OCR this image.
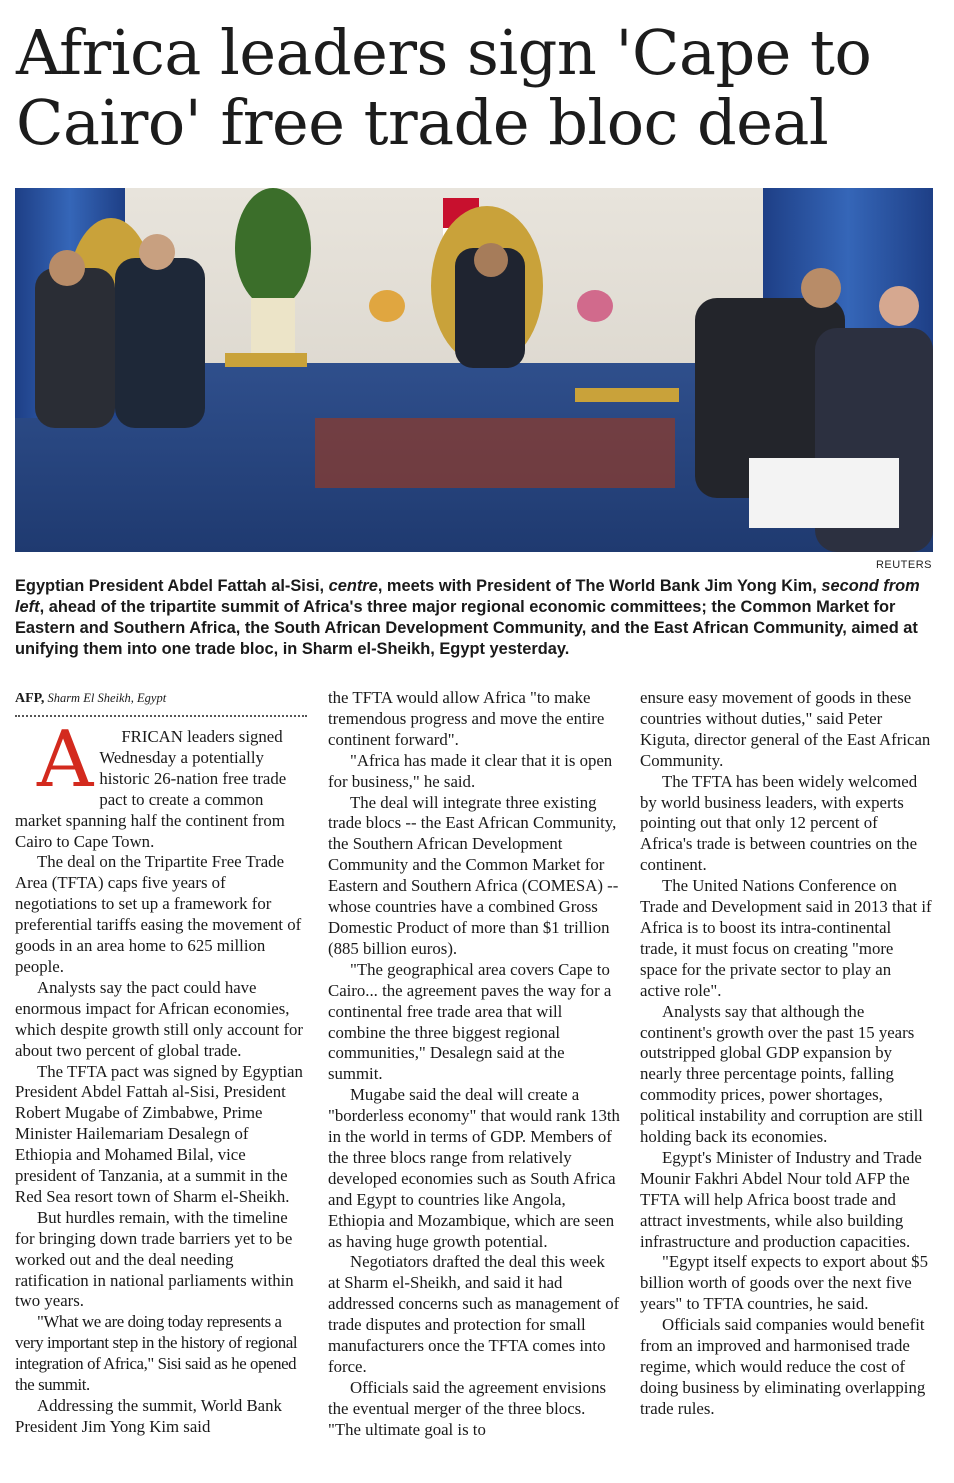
Africa leaders sign 'Cape to Cairo' free trade bloc deal
REUTERS
Egyptian President Abdel Fattah al-Sisi, centre, meets with President of The World Bank Jim Yong Kim, second from left, ahead of the tripartite summit of Africa's three major regional economic committees; the Common Market for Eastern and Southern Africa, the South African Development Community, and the East African Community, aimed at unifying them into one trade bloc, in Sharm el-Sheikh, Egypt yesterday.
AFP, Sharm El Sheikh, Egypt

A FRICAN leaders signed Wednesday a potentially historic 26-nation free trade pact to create a common market spanning half the continent from Cairo to Cape Town.

The deal on the Tripartite Free Trade Area (TFTA) caps five years of negotiations to set up a framework for preferential tariffs easing the movement of goods in an area home to 625 million people.

Analysts say the pact could have enormous impact for African economies, which despite growth still only account for about two percent of global trade.

The TFTA pact was signed by Egyptian President Abdel Fattah al-Sisi, President Robert Mugabe of Zimbabwe, Prime Minister Hailemariam Desalegn of Ethiopia and Mohamed Bilal, vice president of Tanzania, at a summit in the Red Sea resort town of Sharm el-Sheikh.

But hurdles remain, with the timeline for bringing down trade barriers yet to be worked out and the deal needing ratification in national parliaments within two years.

"What we are doing today represents a very important step in the history of regional integration of Africa," Sisi said as he opened the summit.

Addressing the summit, World Bank President Jim Yong Kim said

the TFTA would allow Africa "to make tremendous progress and move the entire continent forward".

"Africa has made it clear that it is open for business," he said.

The deal will integrate three existing trade blocs -- the East African Community, the Southern African Development Community and the Common Market for Eastern and Southern Africa (COMESA) -- whose countries have a combined Gross Domestic Product of more than $1 trillion (885 billion euros).

"The geographical area covers Cape to Cairo... the agreement paves the way for a continental free trade area that will combine the three biggest regional communities," Desalegn said at the summit.

Mugabe said the deal will create a "borderless economy" that would rank 13th in the world in terms of GDP. Members of the three blocs range from relatively developed economies such as South Africa and Egypt to countries like Angola, Ethiopia and Mozambique, which are seen as having huge growth potential.

Negotiators drafted the deal this week at Sharm el-Sheikh, and said it had addressed concerns such as management of trade disputes and protection for small manufacturers once the TFTA comes into force.

Officials said the agreement envisions the eventual merger of the three blocs. "The ultimate goal is to

ensure easy movement of goods in these countries without duties," said Peter Kiguta, director general of the East African Community.

The TFTA has been widely welcomed by world business leaders, with experts pointing out that only 12 percent of Africa's trade is between countries on the continent.

The United Nations Conference on Trade and Development said in 2013 that if Africa is to boost its intra-continental trade, it must focus on creating "more space for the private sector to play an active role".

Analysts say that although the continent's growth over the past 15 years outstripped global GDP expansion by nearly three percentage points, falling commodity prices, power shortages, political instability and corruption are still holding back its economies.

Egypt's Minister of Industry and Trade Mounir Fakhri Abdel Nour told AFP the TFTA will help Africa boost trade and attract investments, while also building infrastructure and production capacities.

"Egypt itself expects to export about $5 billion worth of goods over the next five years" to TFTA countries, he said.

Officials said companies would benefit from an improved and harmonised trade regime, which would reduce the cost of doing business by eliminating overlapping trade rules.
